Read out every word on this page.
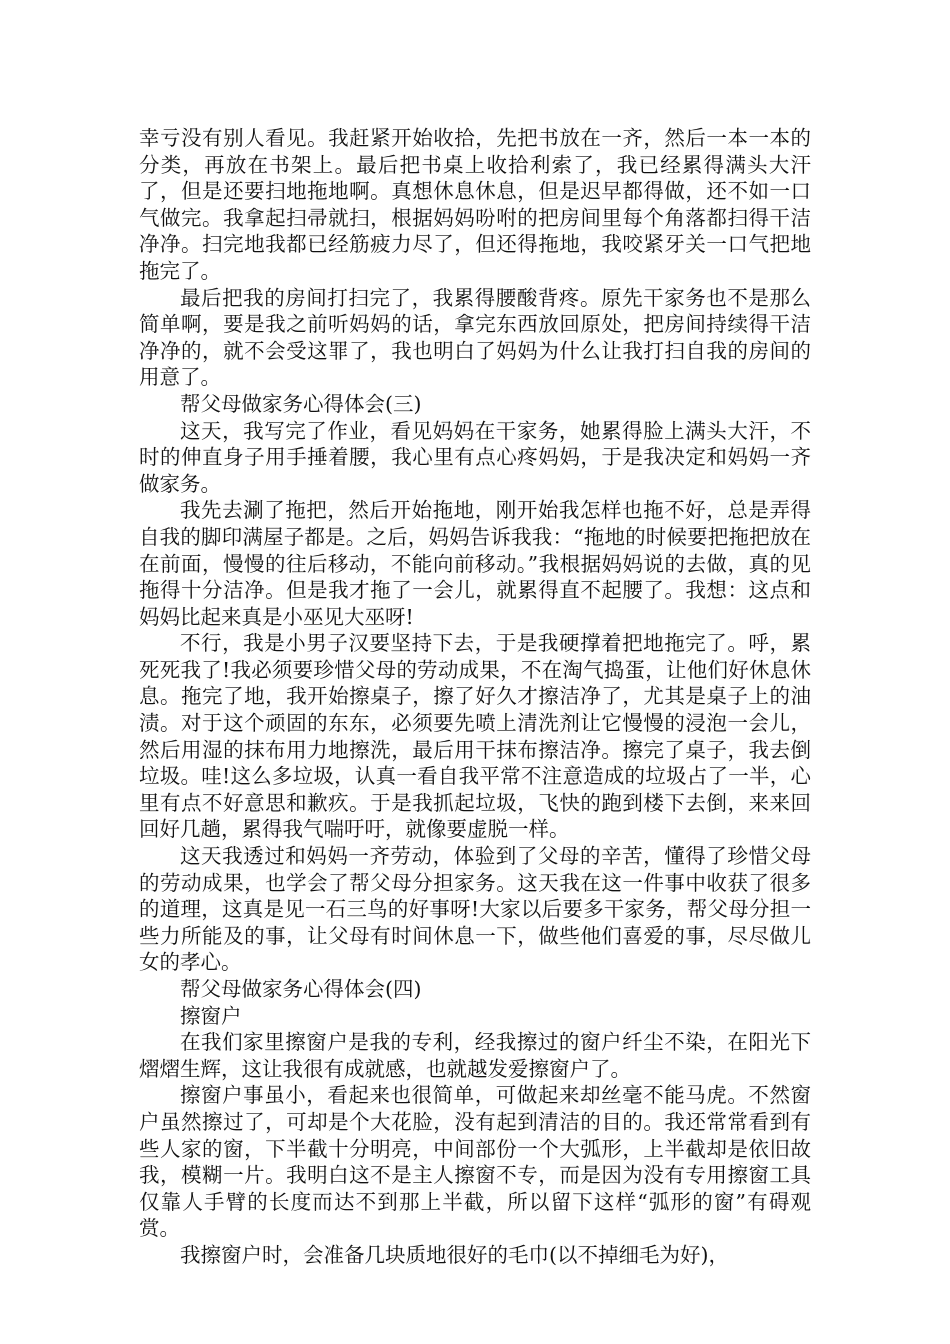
幸亏没有别人看见。我赶紧开始收拾，先把书放在一齐，然后一本一本的分类，再放在书架上。最后把书桌上收拾利索了，我已经累得满头大汗了，但是还要扫地拖地啊。真想休息休息，但是迟早都得做，还不如一口气做完。我拿起扫帚就扫，根据妈妈吩咐的把房间里每个角落都扫得干洁净净。扫完地我都已经筋疲力尽了，但还得拖地，我咬紧牙关一口气把地拖完了。

最后把我的房间打扫完了，我累得腰酸背疼。原先干家务也不是那么简单啊，要是我之前听妈妈的话，拿完东西放回原处，把房间持续得干洁净净的，就不会受这罪了，我也明白了妈妈为什么让我打扫自我的房间的用意了。

帮父母做家务心得体会(三)

这天，我写完了作业，看见妈妈在干家务，她累得脸上满头大汗，不时的伸直身子用手捶着腰，我心里有点心疼妈妈，于是我决定和妈妈一齐做家务。

我先去涮了拖把，然后开始拖地，刚开始我怎样也拖不好，总是弄得自我的脚印满屋子都是。之后，妈妈告诉我我：“拖地的时候要把拖把放在在前面，慢慢的往后移动，不能向前移动。”我根据妈妈说的去做，真的见拖得十分洁净。但是我才拖了一会儿，就累得直不起腰了。我想：这点和妈妈比起来真是小巫见大巫呀!

不行，我是小男子汉要坚持下去，于是我硬撑着把地拖完了。呼，累死死我了!我必须要珍惜父母的劳动成果，不在淘气捣蛋，让他们好休息休息。拖完了地，我开始擦桌子，擦了好久才擦洁净了，尤其是桌子上的油渍。对于这个顽固的东东，必须要先喷上清洗剂让它慢慢的浸泡一会儿，然后用湿的抹布用力地擦洗，最后用干抹布擦洁净。擦完了桌子，我去倒垃圾。哇!这么多垃圾，认真一看自我平常不注意造成的垃圾占了一半，心里有点不好意思和歉疚。于是我抓起垃圾，飞快的跑到楼下去倒，来来回回好几趟，累得我气喘吁吁，就像要虚脱一样。

这天我透过和妈妈一齐劳动，体验到了父母的辛苦，懂得了珍惜父母的劳动成果，也学会了帮父母分担家务。这天我在这一件事中收获了很多的道理，这真是见一石三鸟的好事呀!大家以后要多干家务，帮父母分担一些力所能及的事，让父母有时间休息一下，做些他们喜爱的事，尽尽做儿女的孝心。

帮父母做家务心得体会(四)

擦窗户

在我们家里擦窗户是我的专利，经我擦过的窗户纤尘不染，在阳光下熠熠生辉，这让我很有成就感，也就越发爱擦窗户了。

擦窗户事虽小，看起来也很简单，可做起来却丝毫不能马虎。不然窗户虽然擦过了，可却是个大花脸，没有起到清洁的目的。我还常常看到有些人家的窗，下半截十分明亮，中间部份一个大弧形，上半截却是依旧故我，模糊一片。我明白这不是主人擦窗不专，而是因为没有专用擦窗工具仅靠人手臂的长度而达不到那上半截，所以留下这样“弧形的窗”有碍观赏。

我擦窗户时，会准备几块质地很好的毛巾(以不掉细毛为好)，
